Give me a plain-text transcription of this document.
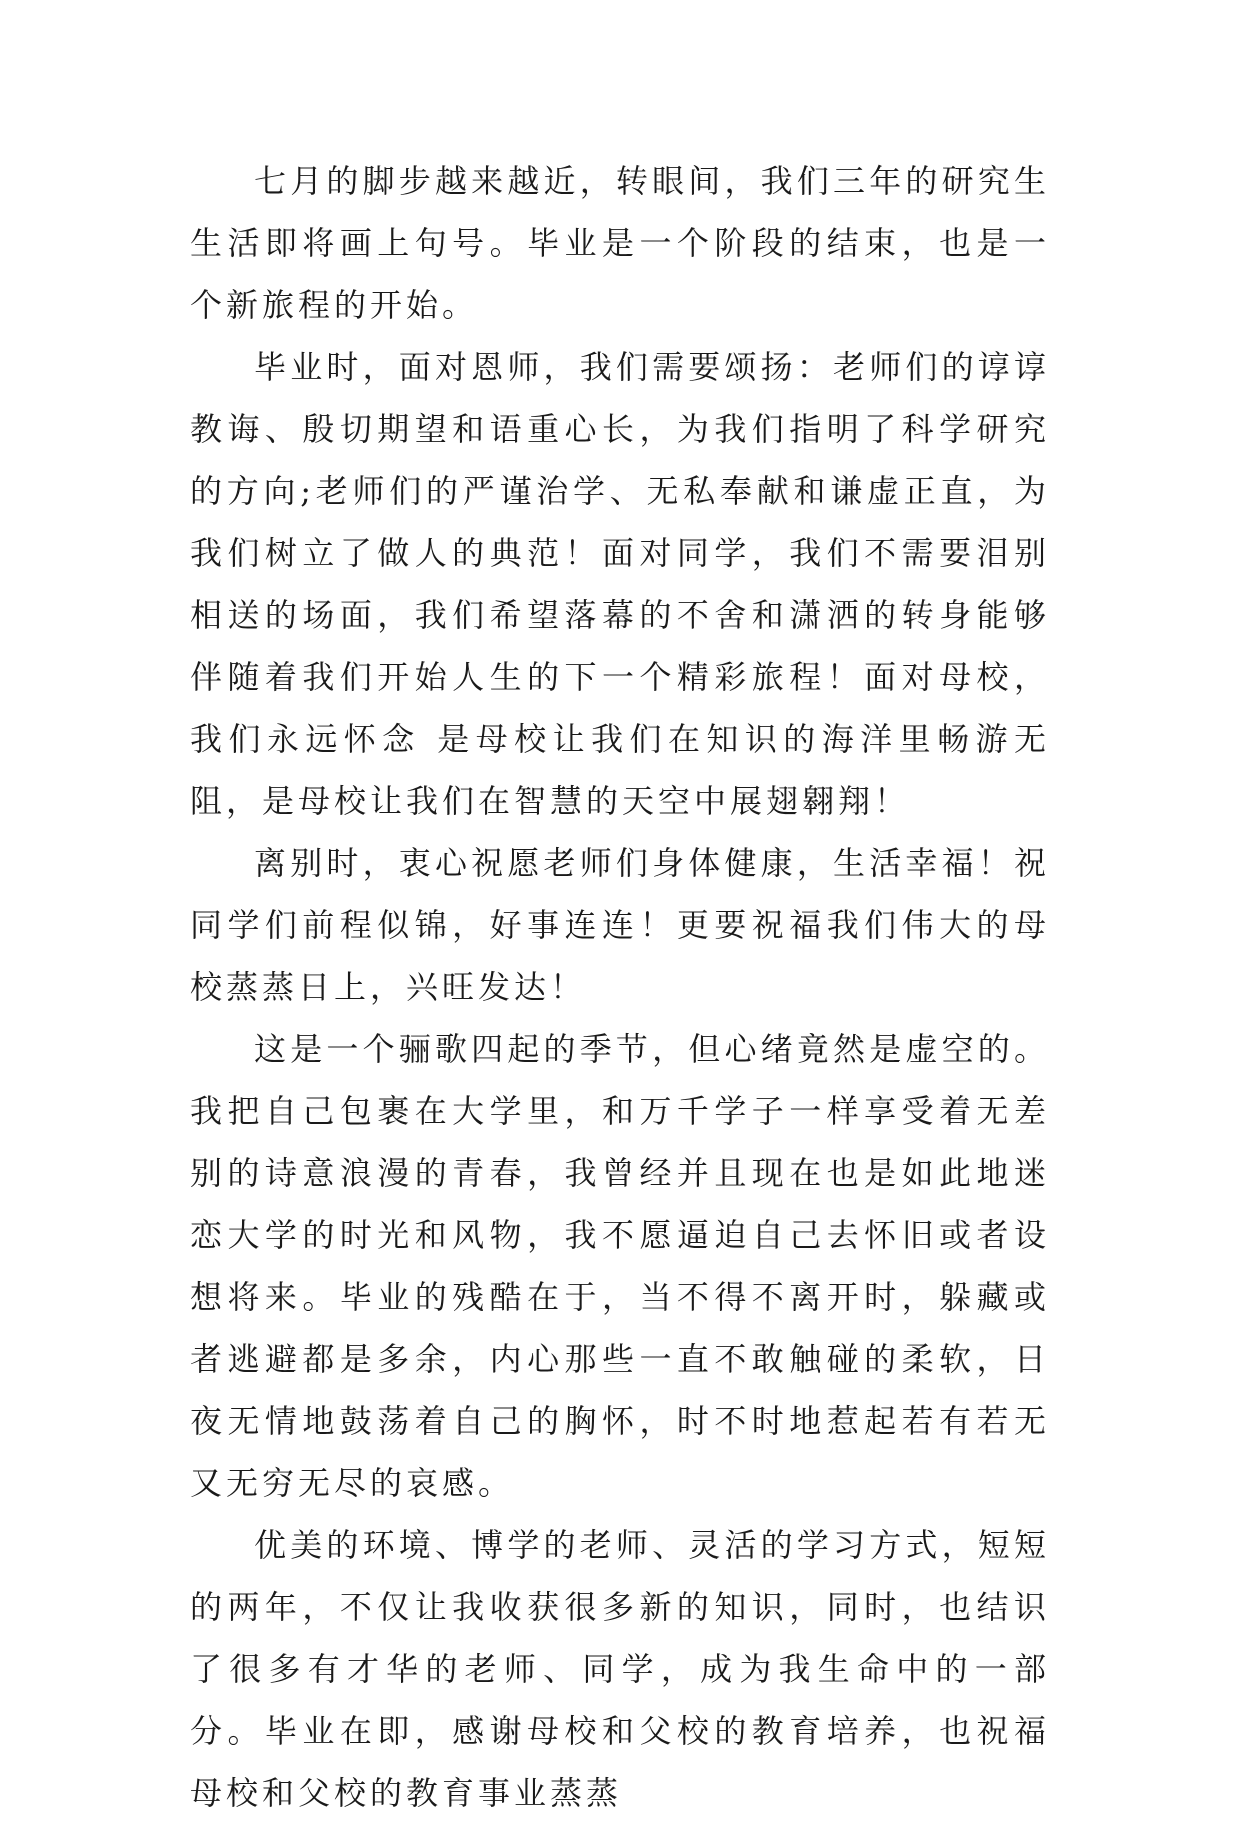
七月的脚步越来越近，转眼间，我们三年的研究生生活即将画上句号。毕业是一个阶段的结束，也是一个新旅程的开始。

毕业时，面对恩师，我们需要颂扬：老师们的谆谆教诲、殷切期望和语重心长，为我们指明了科学研究的方向;老师们的严谨治学、无私奉献和谦虚正直，为我们树立了做人的典范！面对同学，我们不需要泪别相送的场面，我们希望落幕的不舍和潇洒的转身能够伴随着我们开始人生的下一个精彩旅程！面对母校，我们永远怀念 是母校让我们在知识的海洋里畅游无阻，是母校让我们在智慧的天空中展翅翱翔！

离别时，衷心祝愿老师们身体健康，生活幸福！祝同学们前程似锦，好事连连！更要祝福我们伟大的母校蒸蒸日上，兴旺发达！

这是一个骊歌四起的季节，但心绪竟然是虚空的。我把自己包裹在大学里，和万千学子一样享受着无差别的诗意浪漫的青春，我曾经并且现在也是如此地迷恋大学的时光和风物，我不愿逼迫自己去怀旧或者设想将来。毕业的残酷在于，当不得不离开时，躲藏或者逃避都是多余，内心那些一直不敢触碰的柔软，日夜无情地鼓荡着自己的胸怀，时不时地惹起若有若无又无穷无尽的哀感。

优美的环境、博学的老师、灵活的学习方式，短短的两年，不仅让我收获很多新的知识，同时，也结识了很多有才华的老师、同学，成为我生命中的一部分。毕业在即，感谢母校和父校的教育培养，也祝福母校和父校的教育事业蒸蒸
